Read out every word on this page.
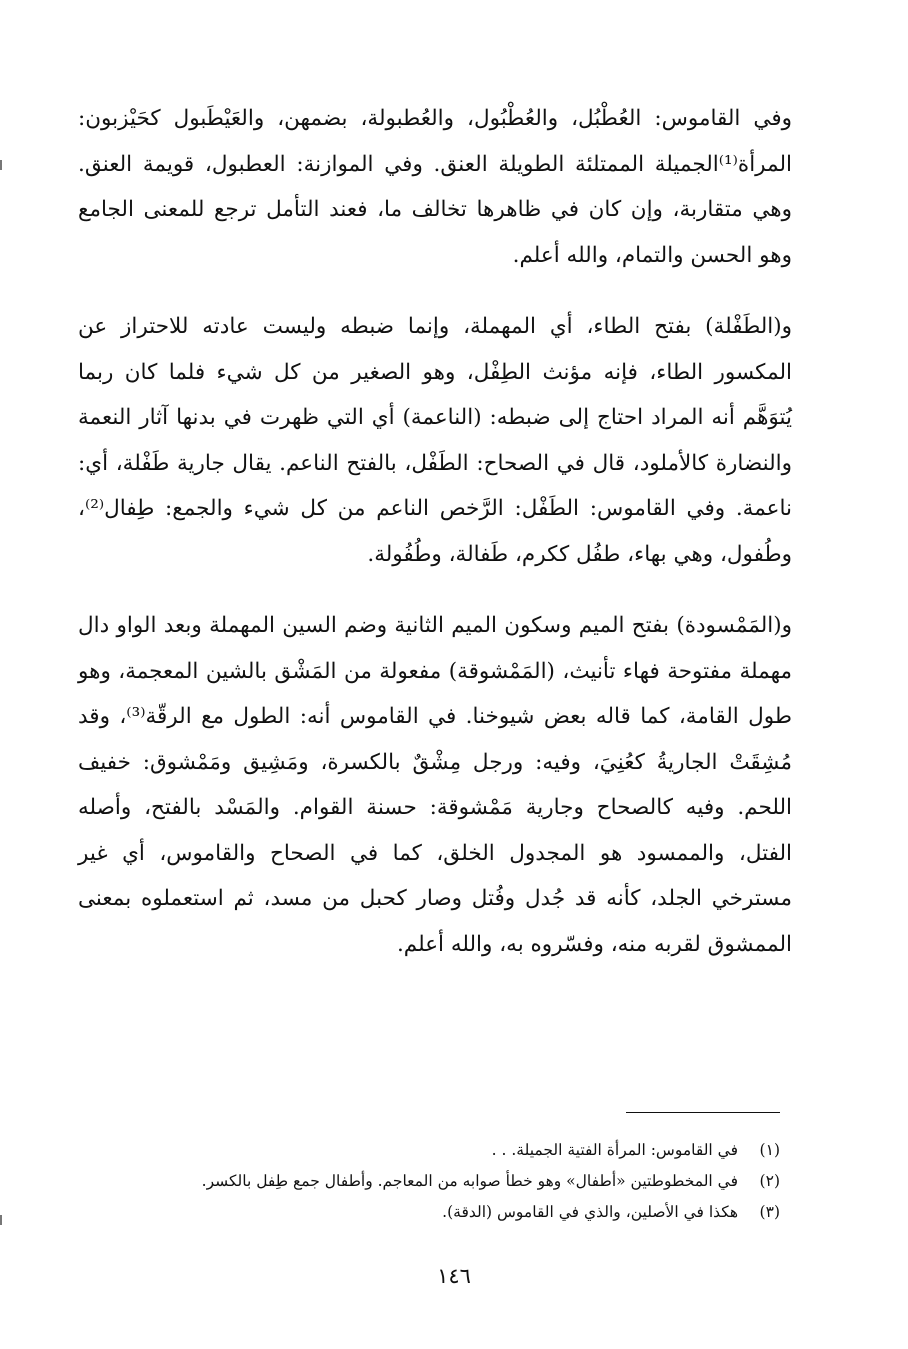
وفي القاموس: العُطْبُل، والعُطْبُول، والعُطبولة، بضمهن، والعَيْطَبول كحَيْزبون: المرأة⁽¹⁾الجميلة الممتلئة الطويلة العنق. وفي الموازنة: العطبول، قويمة العنق. وهي متقاربة، وإن كان في ظاهرها تخالف ما، فعند التأمل ترجع للمعنى الجامع وهو الحسن والتمام، والله أعلم.

و(الطَفْلة) بفتح الطاء، أي المهملة، وإنما ضبطه وليست عادته للاحتراز عن المكسور الطاء، فإنه مؤنث الطِفْل، وهو الصغير من كل شيء فلما كان ربما يُتوَهَّم أنه المراد احتاج إلى ضبطه: (الناعمة) أي التي ظهرت في بدنها آثار النعمة والنضارة كالأملود، قال في الصحاح: الطَفْل، بالفتح الناعم. يقال جارية طَفْلة، أي: ناعمة. وفي القاموس: الطَفْل: الرَّخص الناعم من كل شيء والجمع: طِفال⁽²⁾، وطُفول، وهي بهاء، طفُل ككرم، طَفالة، وطُفُولة.

و(المَمْسودة) بفتح الميم وسكون الميم الثانية وضم السين المهملة وبعد الواو دال مهملة مفتوحة فهاء تأنيث، (المَمْشوقة) مفعولة من المَشْق بالشين المعجمة، وهو طول القامة، كما قاله بعض شيوخنا. في القاموس أنه: الطول مع الرقّة⁽³⁾، وقد مُشِقَتْ الجاريةُ كعُنِيَ، وفيه: ورجل مِشْقٌ بالكسرة، ومَشِيق ومَمْشوق: خفيف اللحم. وفيه كالصحاح وجارية مَمْشوقة: حسنة القوام. والمَسْد بالفتح، وأصله الفتل، والممسود هو المجدول الخلق، كما في الصحاح والقاموس، أي غير مسترخي الجلد، كأنه قد جُدل وفُتل وصار كحبل من مسد، ثم استعملوه بمعنى الممشوق لقربه منه، وفسّروه به، والله أعلم.

(١)
في القاموس: المرأة الفتية الجميلة. . .
(٢)
في المخطوطتين «أطفال» وهو خطأ صوابه من المعاجم. وأطفال جمع طِفل بالكسر.
(٣)
هكذا في الأصلين، والذي في القاموس (الدقة).
١٤٦
